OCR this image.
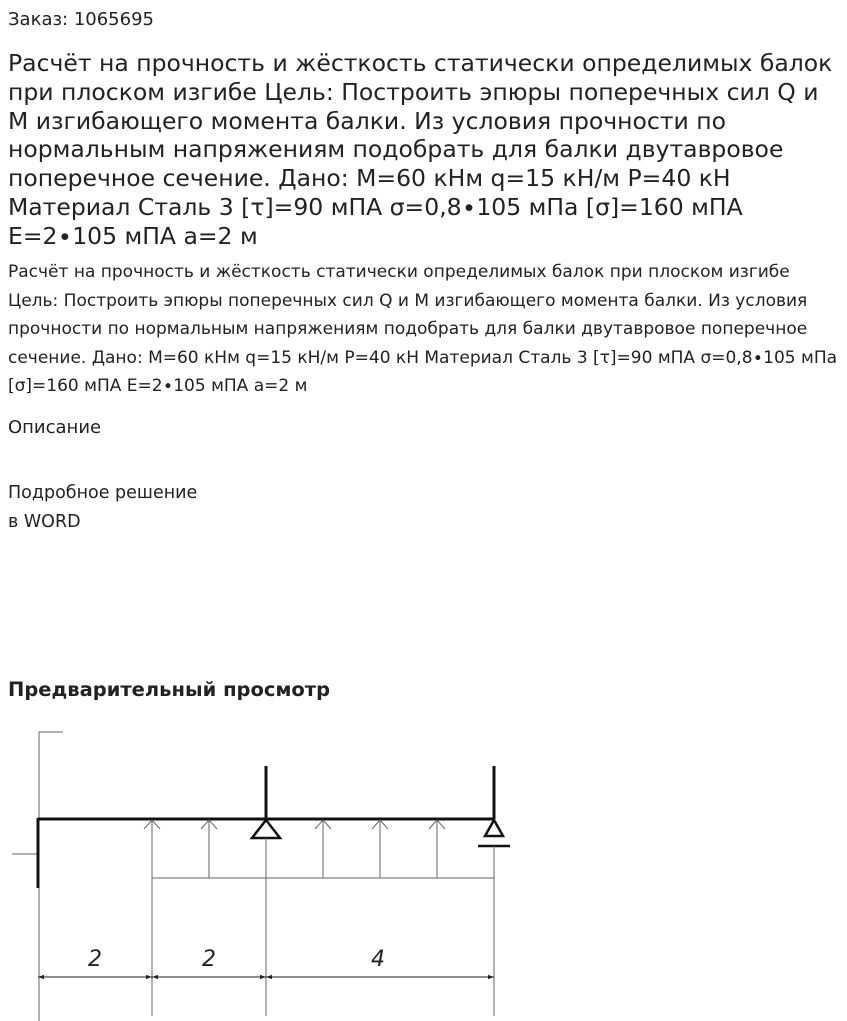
Заказ: 1065695
Расчёт на прочность и жёсткость статически определимых балок при плоском изгибе Цель: Построить эпюры поперечных сил Q и M изгибающего момента балки. Из условия прочности по нормальным напряжениям подобрать для балки двутавровое поперечное сечение. Дано: М=60 кНм q=15 кН/м Р=40 кН Материал Сталь 3 [τ]=90 мПА σ=0,8∙105 мПа [σ]=160 мПА Е=2∙105 мПА а=2 м
Расчёт на прочность и жёсткость статически определимых балок при плоском изгибе Цель: Построить эпюры поперечных сил Q и M изгибающего момента балки. Из условия прочности по нормальным напряжениям подобрать для балки двутавровое поперечное сечение. Дано: М=60 кНм q=15 кН/м Р=40 кН Материал Сталь 3 [τ]=90 мПА σ=0,8∙105 мПа [σ]=160 мПА Е=2∙105 мПА а=2 м
Описание
Подробное решение
в WORD
Предварительный просмотр
2	2	4
